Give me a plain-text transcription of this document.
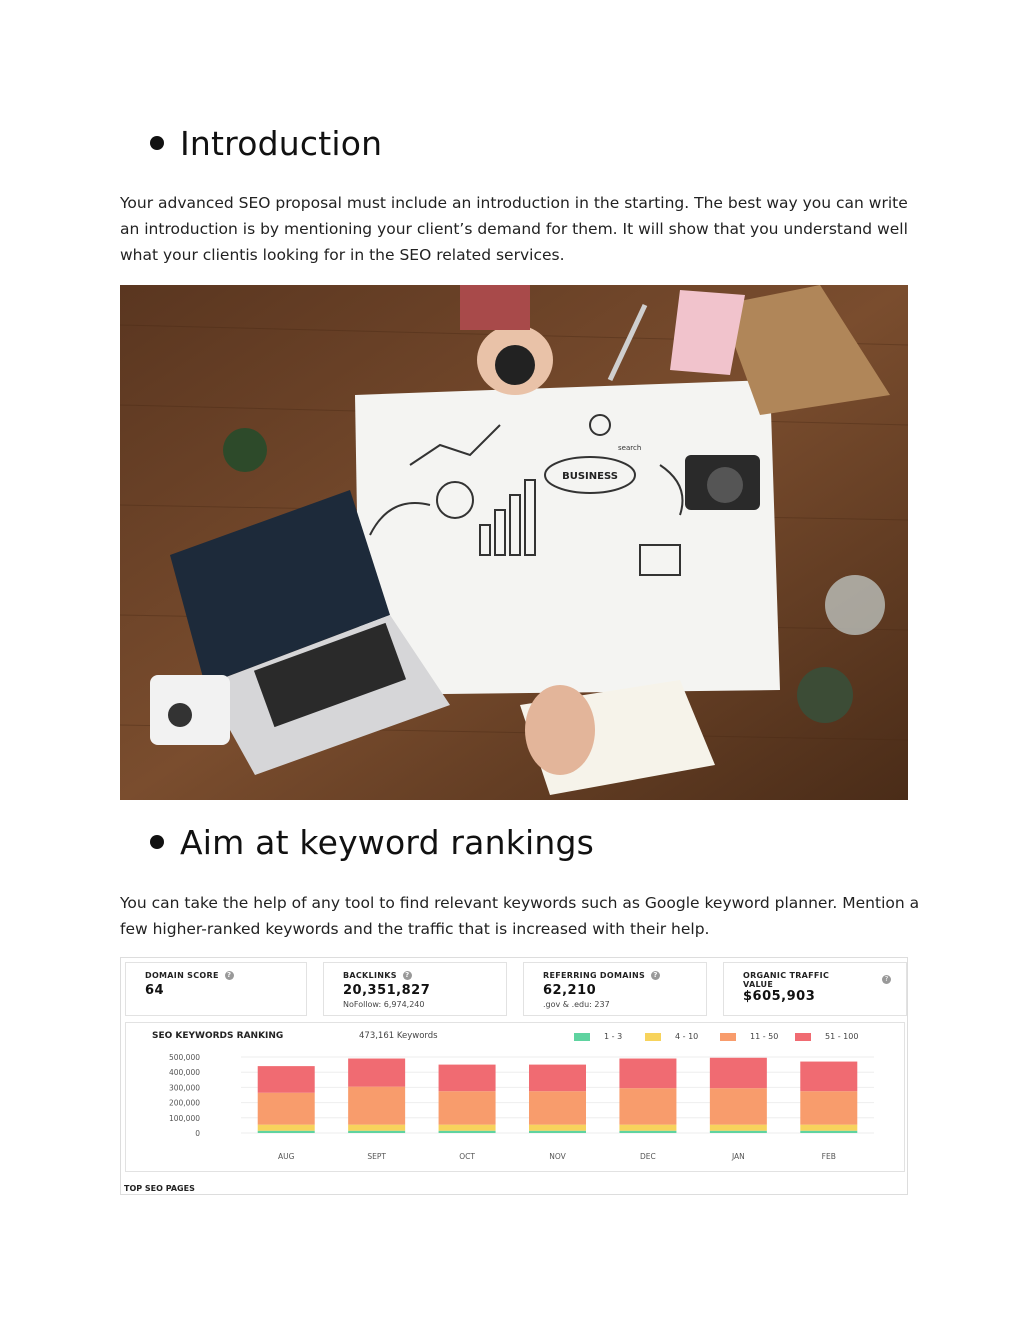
Introduction
Your advanced SEO proposal must include an introduction in the starting. The best way you can write an introduction is by mentioning your client’s demand for them. It will show that you understand well what your clientis looking for in the SEO related services.
BUSINESS
search
Aim at keyword rankings
You can take the help of any tool to find relevant keywords such as Google keyword planner. Mention a few higher-ranked keywords and the traffic that is increased with their help.
DOMAIN SCORE ?
64
BACKLINKS ?
20,351,827
NoFollow: 6,974,240
REFERRING DOMAINS ?
62,210
.gov & .edu: 237
ORGANIC TRAFFIC VALUE
?
$605,903
SEO KEYWORDS RANKING	473,161 Keywords	1 - 3	4 - 10	11 - 50	51 - 100
500,000
400,000
300,000
200,000
100,000
0
AUG	SEPT	OCT	NOV	DEC	JAN	FEB
TOP SEO PAGES
